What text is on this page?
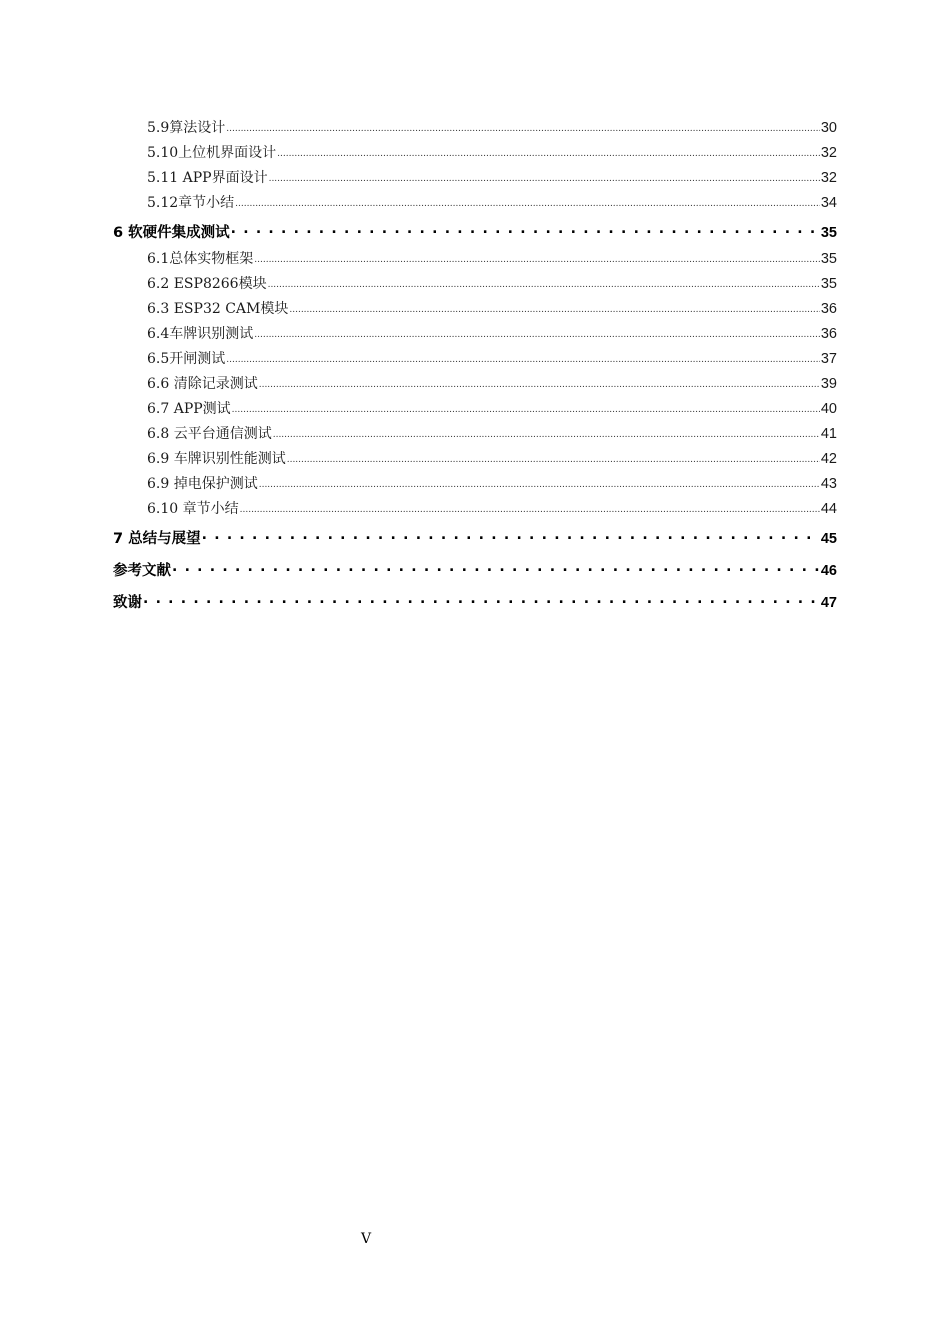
5.9算法设计 .....	30
5.10上位机界面设计 .....	32
5.11 APP界面设计 .....	32
5.12章节小结 .....	34
6 软硬件集成测试 . . .	35
6.1总体实物框架 .....	35
6.2 ESP8266模块 .....	35
6.3 ESP32 CAM模块 .....	36
6.4车牌识别测试 .....	36
6.5开闸测试 .....	37
6.6 清除记录测试 .....	39
6.7 APP测试 .....	40
6.8 云平台通信测试 .....	41
6.9 车牌识别性能测试 .....	42
6.9 掉电保护测试 .....	43
6.10 章节小结 .....	44
7 总结与展望 . . .	45
参考文献 . . .	46
致谢 . . .	47
V
